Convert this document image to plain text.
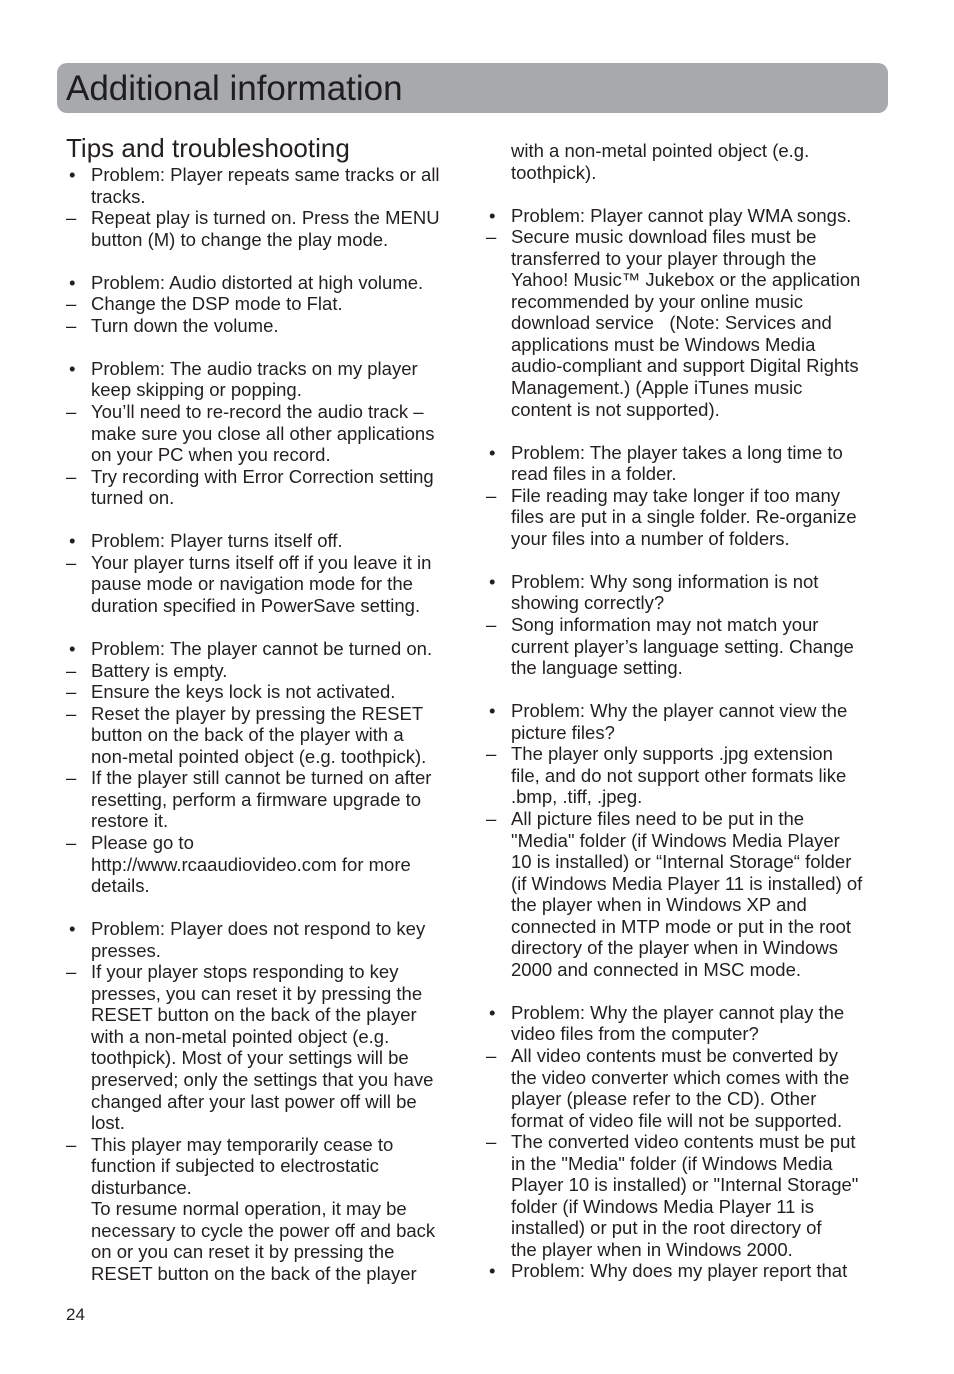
Additional information
Tips and troubleshooting
• Problem: Player repeats same tracks or all
tracks.
– Repeat play is turned on. Press the MENU
button (M) to change the play mode.
• Problem: Audio distorted at high volume.
– Change the DSP mode to Flat.
– Turn down the volume.
• Problem: The audio tracks on my player
keep skipping or popping.
– You’ll need to re-record the audio track –
make sure you close all other applications
on your PC when you record.
– Try recording with Error Correction setting
turned on.
• Problem: Player turns itself off.
– Your player turns itself off if you leave it in
pause mode or navigation mode for the
duration specified in PowerSave setting.
• Problem: The player cannot be turned on.
– Battery is empty.
– Ensure the keys lock is not activated.
– Reset the player by pressing the RESET
button on the back of the player with a
non-metal pointed object (e.g. toothpick).
– If the player still cannot be turned on after
resetting, perform a firmware upgrade to
restore it.
– Please go to
http://www.rcaaudiovideo.com for more
details.
• Problem: Player does not respond to key
presses.
– If your player stops responding to key
presses, you can reset it by pressing the
RESET button on the back of the player
with a non-metal pointed object (e.g.
toothpick). Most of your settings will be
preserved; only the settings that you have
changed after your last power off will be
lost.
– This player may temporarily cease to
function if subjected to electrostatic
disturbance.
To resume normal operation, it may be
necessary to cycle the power off and back
on or you can reset it by pressing the
RESET button on the back of the player
with a non-metal pointed object (e.g.
toothpick).
• Problem: Player cannot play WMA songs.
– Secure music download files must be
transferred to your player through the
Yahoo! Music™ Jukebox or the application
recommended by your online music
download service   (Note: Services and
applications must be Windows Media
audio-compliant and support Digital Rights
Management.) (Apple iTunes music
content is not supported).
• Problem: The player takes a long time to
read files in a folder.
– File reading may take longer if too many
files are put in a single folder. Re-organize
your files into a number of folders.
• Problem: Why song information is not
showing correctly?
– Song information may not match your
current player’s language setting. Change
the language setting.
• Problem: Why the player cannot view the
picture files?
– The player only supports .jpg extension
file, and do not support other formats like
.bmp, .tiff, .jpeg.
– All picture files need to be put in the
"Media" folder (if Windows Media Player
10 is installed) or “Internal Storage“ folder
(if Windows Media Player 11 is installed) of
the player when in Windows XP and
connected in MTP mode or put in the root
directory of the player when in Windows
2000 and connected in MSC mode.
• Problem: Why the player cannot play the
video files from the computer?
– All video contents must be converted by
the video converter which comes with the
player (please refer to the CD). Other
format of video file will not be supported.
– The converted video contents must be put
in the "Media" folder (if Windows Media
Player 10 is installed) or "Internal Storage"
folder (if Windows Media Player 11 is
installed) or put in the root directory of
the player when in Windows 2000.
• Problem: Why does my player report that
24
